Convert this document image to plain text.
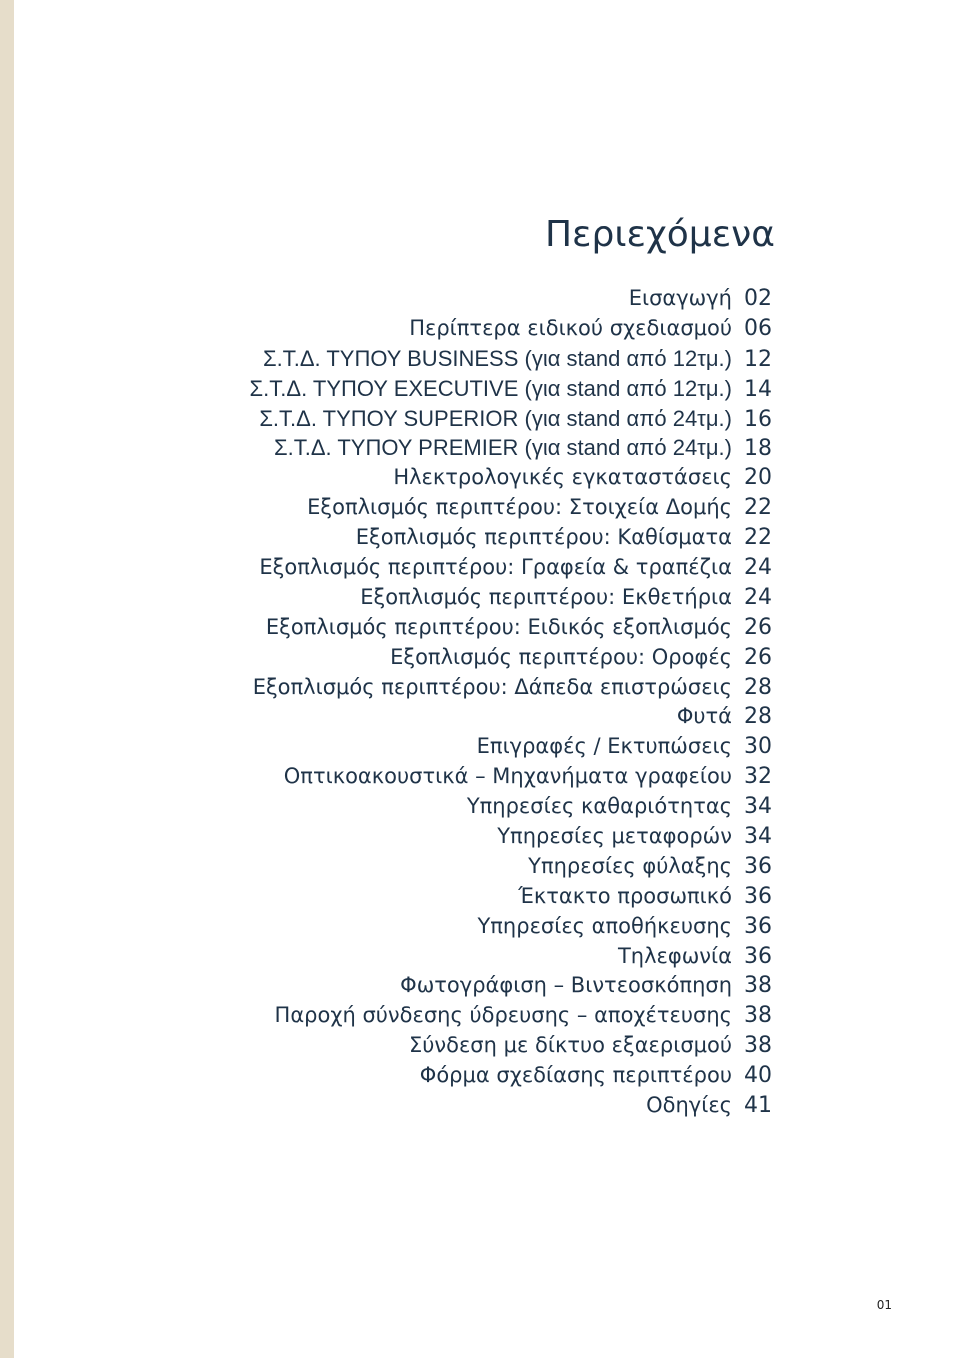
Περιεχόμενα
Εισαγωγή 02
Περίπτερα ειδικού σχεδιασμού 06
Σ.Τ.Δ. ΤΥΠΟΥ BUSINESS (για stand από 12τμ.) 12
Σ.Τ.Δ. ΤΥΠΟΥ EXECUTIVE (για stand από 12τμ.) 14
Σ.Τ.Δ. ΤΥΠΟΥ SUPERIOR (για stand από 24τμ.) 16
Σ.Τ.Δ. ΤΥΠΟΥ PREMIER (για stand από 24τμ.) 18
Ηλεκτρολογικές εγκαταστάσεις 20
Εξοπλισμός περιπτέρου: Στοιχεία Δομής 22
Εξοπλισμός περιπτέρου: Καθίσματα 22
Εξοπλισμός περιπτέρου: Γραφεία & τραπέζια 24
Εξοπλισμός περιπτέρου: Εκθετήρια 24
Εξοπλισμός περιπτέρου: Ειδικός εξοπλισμός 26
Εξοπλισμός περιπτέρου: Οροφές 26
Εξοπλισμός περιπτέρου: Δάπεδα επιστρώσεις 28
Φυτά 28
Επιγραφές / Εκτυπώσεις 30
Οπτικοακουστικά – Μηχανήματα γραφείου 32
Υπηρεσίες καθαριότητας 34
Υπηρεσίες μεταφορών 34
Υπηρεσίες φύλαξης 36
Έκτακτο προσωπικό 36
Υπηρεσίες αποθήκευσης 36
Τηλεφωνία 36
Φωτογράφιση – Βιντεοσκόπηση 38
Παροχή σύνδεσης ύδρευσης – αποχέτευσης 38
Σύνδεση με δίκτυο εξαερισμού 38
Φόρμα σχεδίασης περιπτέρου 40
Οδηγίες 41
01
